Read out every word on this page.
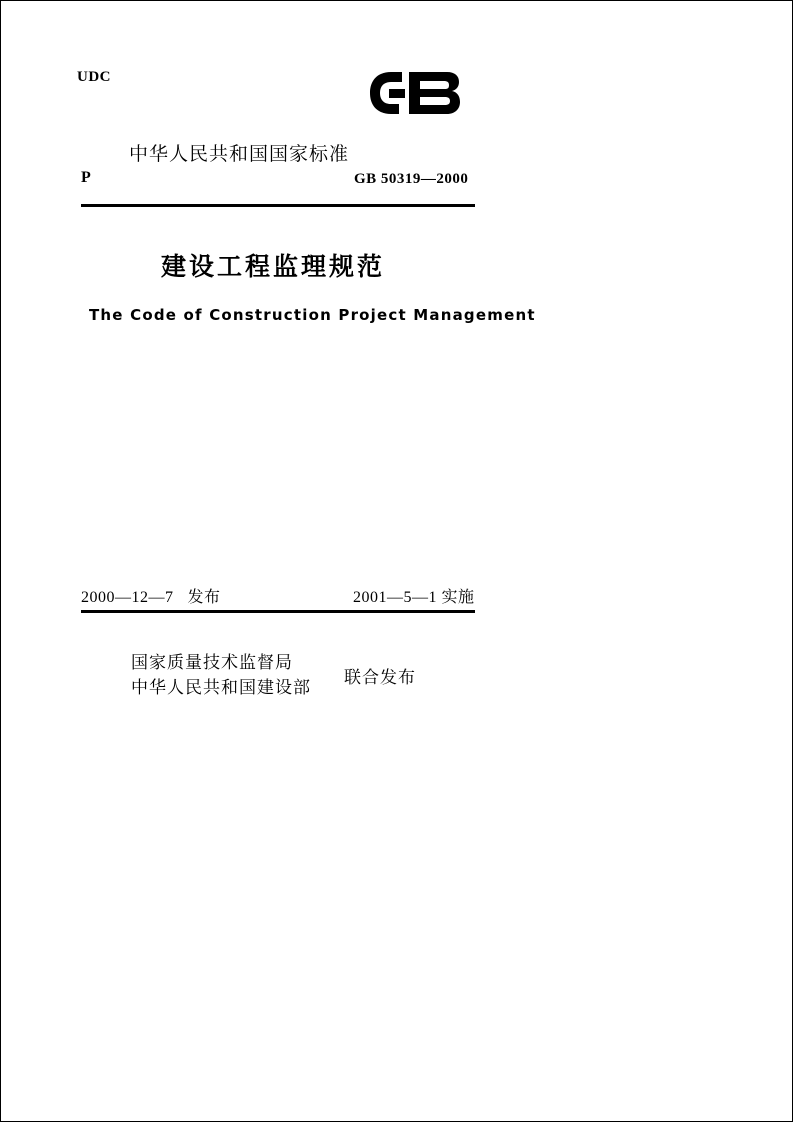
UDC
中华人民共和国国家标准
P	GB 50319—2000
建设工程监理规范
The Code of Construction Project Management
2000—12—7 发布	2001—5—1 实施
国家质量技术监督局
中华人民共和国建设部 联合发布
